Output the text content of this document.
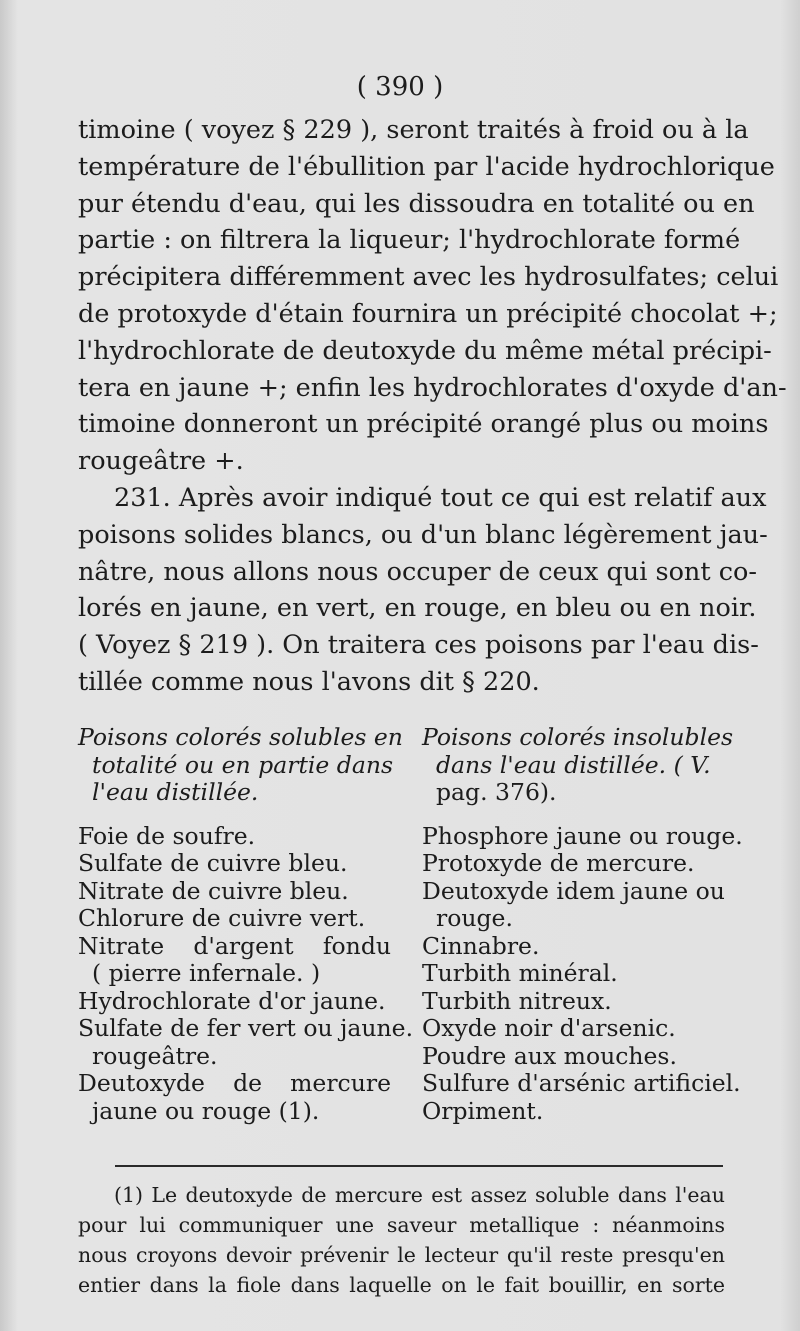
( 390 )
timoine ( voyez § 229 ), seront traités à froid ou à la
température de l'ébullition par l'acide hydrochlorique
pur étendu d'eau, qui les dissoudra en totalité ou en
partie : on filtrera la liqueur; l'hydrochlorate formé
précipitera différemment avec les hydrosulfates; celui
de protoxyde d'étain fournira un précipité chocolat +;
l'hydrochlorate de deutoxyde du même métal précipi-
tera en jaune +; enfin les hydrochlorates d'oxyde d'an-
timoine donneront un précipité orangé plus ou moins
rougeâtre +.
231. Après avoir indiqué tout ce qui est relatif aux
poisons solides blancs, ou d'un blanc légèrement jau-
nâtre, nous allons nous occuper de ceux qui sont co-
lorés en jaune, en vert, en rouge, en bleu ou en noir.
( Voyez § 219 ). On traitera ces poisons par l'eau dis-
tillée comme nous l'avons dit § 220.
Poisons colorés solubles en
totalité ou en partie dans
l'eau distillée.
Foie de soufre.
Sulfate de cuivre bleu.
Nitrate de cuivre bleu.
Chlorure de cuivre vert.
Nitrate d'argent fondu
( pierre infernale. )
Hydrochlorate d'or jaune.
Sulfate de fer vert ou jaune.
rougeâtre.
Deutoxyde de mercure
jaune ou rouge (1).
Poisons colorés insolubles
dans l'eau distillée. ( V.
pag. 376).
Phosphore jaune ou rouge.
Protoxyde de mercure.
Deutoxyde idem jaune ou
rouge.
Cinnabre.
Turbith minéral.
Turbith nitreux.
Oxyde noir d'arsenic.
Poudre aux mouches.
Sulfure d'arsénic artificiel.
Orpiment.
(1) Le deutoxyde de mercure est assez soluble dans l'eau
pour lui communiquer une saveur metallique : néanmoins
nous croyons devoir prévenir le lecteur qu'il reste presqu'en
entier dans la fiole dans laquelle on le fait bouillir, en sorte
